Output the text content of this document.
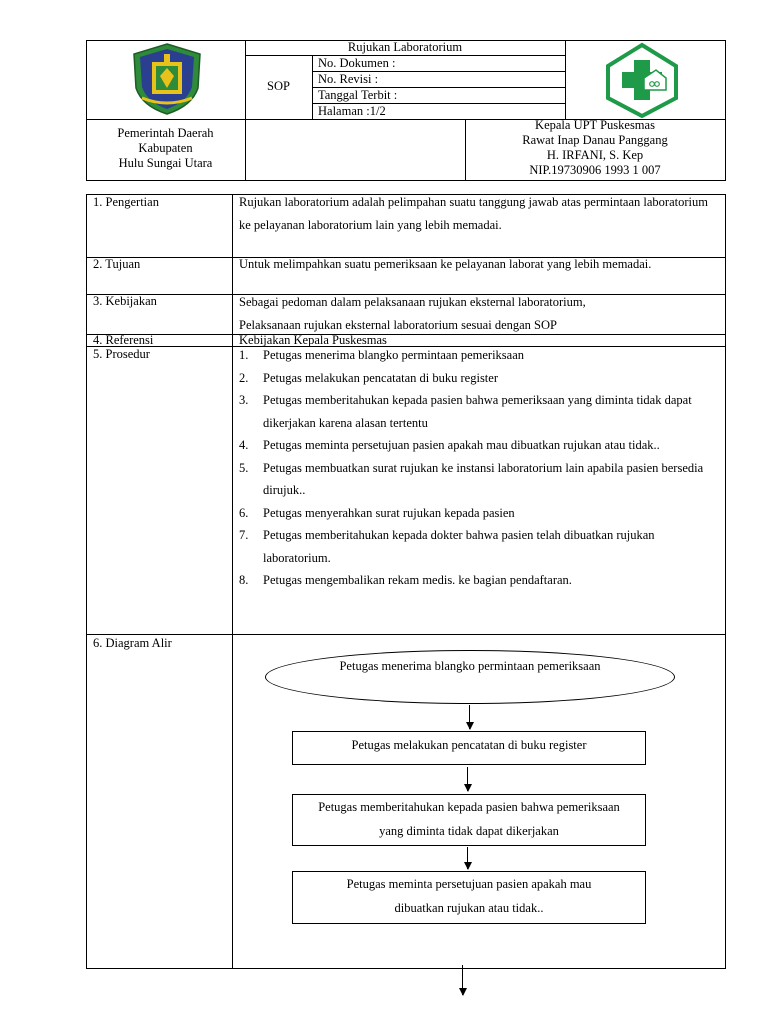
Rujukan Laboratorium
SOP
No. Dokumen :
No. Revisi :
Tanggal Terbit :
Halaman :1/2
Pemerintah Daerah
Kabupaten
Hulu Sungai Utara
Kepala UPT Puskesmas
Rawat Inap Danau Panggang
H. IRFANI, S. Kep
NIP.19730906 1993 1 007
1. Pengertian
2. Tujuan
3. Kebijakan
4. Referensi
5. Prosedur
6. Diagram Alir
Rujukan laboratorium adalah pelimpahan suatu tanggung jawab atas permintaan laboratorium ke pelayanan laboratorium lain yang lebih memadai.
Untuk melimpahkan suatu pemeriksaan ke pelayanan laborat yang lebih memadai.
Sebagai pedoman dalam pelaksanaan rujukan eksternal laboratorium,
Pelaksanaan rujukan eksternal laboratorium sesuai dengan SOP
Kebijakan Kepala Puskesmas
1. Petugas menerima blangko permintaan pemeriksaan
2. Petugas melakukan pencatatan di buku register
3. Petugas memberitahukan kepada pasien bahwa pemeriksaan yang diminta tidak dapat dikerjakan karena alasan tertentu
4. Petugas meminta persetujuan pasien apakah mau dibuatkan rujukan atau tidak..
5. Petugas membuatkan surat rujukan ke instansi laboratorium lain apabila pasien bersedia dirujuk..
6. Petugas menyerahkan surat rujukan kepada pasien
7. Petugas memberitahukan kepada dokter bahwa pasien telah dibuatkan rujukan laboratorium.
8. Petugas mengembalikan rekam medis. ke bagian pendaftaran.
Petugas menerima blangko permintaan pemeriksaan
Petugas melakukan pencatatan di buku register
Petugas memberitahukan kepada pasien bahwa pemeriksaan yang diminta tidak dapat dikerjakan
Petugas meminta persetujuan pasien apakah mau dibuatkan rujukan atau tidak..
